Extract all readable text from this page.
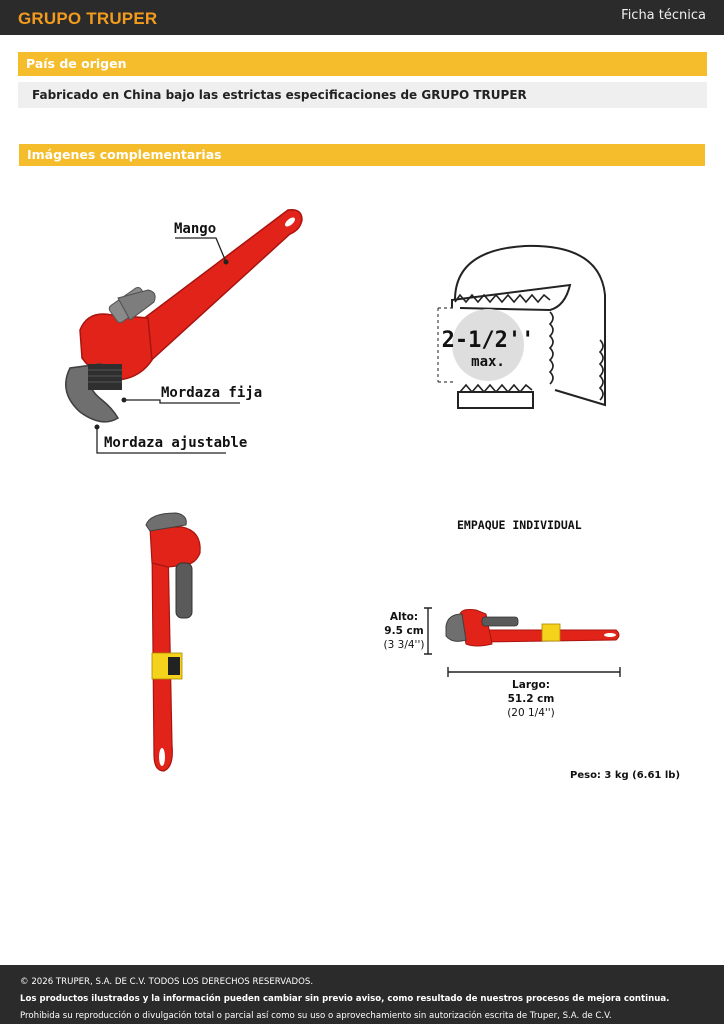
GRUPO TRUPER	Ficha técnica
País de origen
Fabricado en China bajo las estrictas especificaciones de GRUPO TRUPER
Imágenes complementarias
Mango
Mordaza fija
Mordaza ajustable
2-1/2''
max.
EMPAQUE INDIVIDUAL
Alto:
9.5 cm
(3 3/4'')
Largo:
51.2 cm
(20 1/4'')
Peso: 3 kg (6.61 lb)
© 2026 TRUPER, S.A. DE C.V. TODOS LOS DERECHOS RESERVADOS.
Los productos ilustrados y la información pueden cambiar sin previo aviso, como resultado de nuestros procesos de mejora continua.
Prohibida su reproducción o divulgación total o parcial así como su uso o aprovechamiento sin autorización escrita de Truper, S.A. de C.V.
